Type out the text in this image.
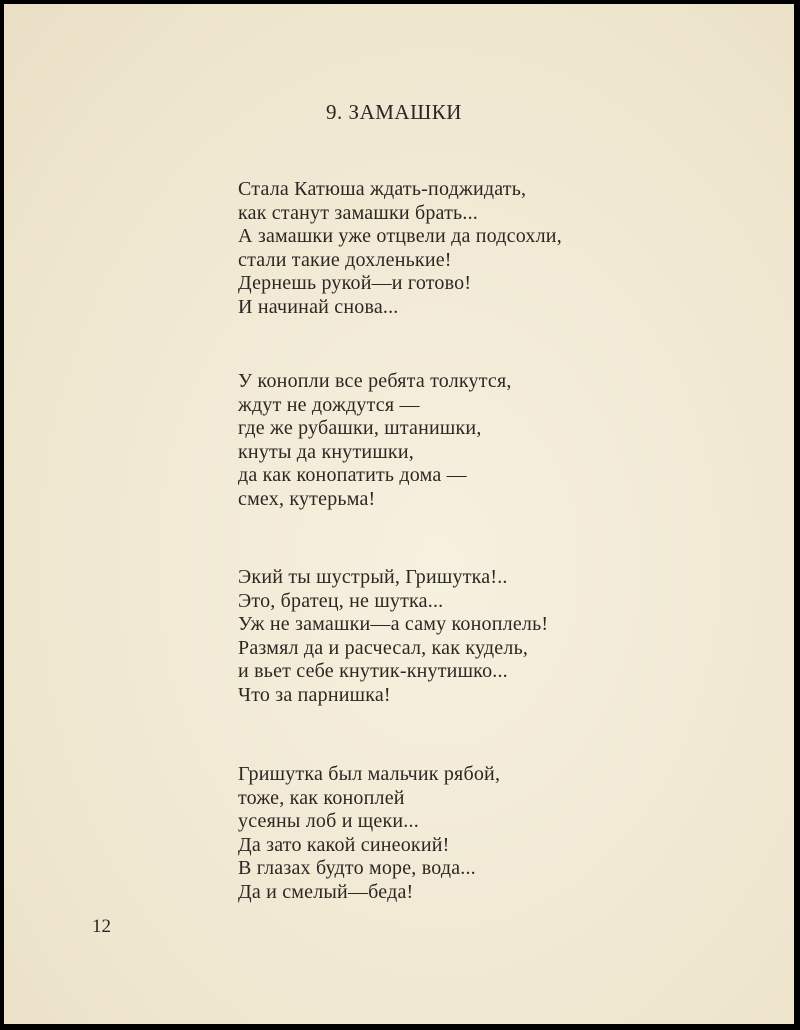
9. ЗАМАШКИ
Стала Катюша ждать-поджидать,
как станут замашки брать...
А замашки уже отцвели да подсохли,
стали такие дохленькие!
Дернешь рукой—и готово!
И начинай снова...
У конопли все ребята толкутся,
ждут не дождутся —
где же рубашки, штанишки,
кнуты да кнутишки,
да как конопатить дома —
смех, кутерьма!
Экий ты шустрый, Гришутка!..
Это, братец, не шутка...
Уж не замашки—а саму коноплель!
Размял да и расчесал, как кудель,
и вьет себе кнутик-кнутишко...
Что за парнишка!
Гришутка был мальчик рябой,
тоже, как коноплей
усеяны лоб и щеки...
Да зато какой синеокий!
В глазах будто море, вода...
Да и смелый—беда!
12
